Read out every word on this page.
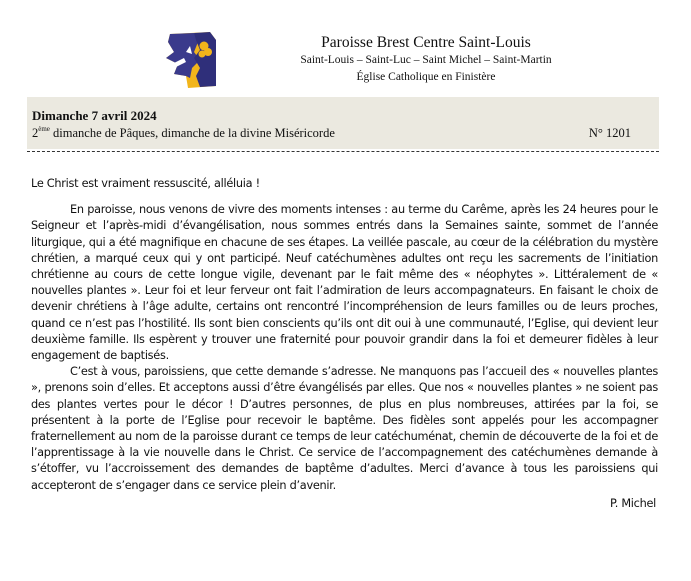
Paroisse Brest Centre Saint-Louis
Saint-Louis – Saint-Luc – Saint Michel – Saint-Martin
Église Catholique en Finistère
Dimanche 7 avril 2024
2ème dimanche de Pâques, dimanche de la divine Miséricorde	N° 1201

Le Christ est vraiment ressuscité, alléluia !

En paroisse, nous venons de vivre des moments intenses : au terme du Carême, après les 24 heures pour le Seigneur et l’après-midi d’évangélisation, nous sommes entrés dans la Semaines sainte, sommet de l’année liturgique, qui a été magnifique en chacune de ses étapes. La veillée pascale, au cœur de la célébration du mystère chrétien, a marqué ceux qui y ont participé. Neuf catéchumènes adultes ont reçu les sacrements de l’initiation chrétienne au cours de cette longue vigile, devenant par le fait même des « néophytes ». Littéralement de « nouvelles plantes ». Leur foi et leur ferveur ont fait l’admiration de leurs accompagnateurs. En faisant le choix de devenir chrétiens à l’âge adulte, certains ont rencontré l’incompréhension de leurs familles ou de leurs proches, quand ce n’est pas l’hostilité. Ils sont bien conscients qu’ils ont dit oui à une communauté, l’Eglise, qui devient leur deuxième famille. Ils espèrent y trouver une fraternité pour pouvoir grandir dans la foi et demeurer fidèles à leur engagement de baptisés.

C’est à vous, paroissiens, que cette demande s’adresse. Ne manquons pas l’accueil des « nouvelles plantes », prenons soin d’elles. Et acceptons aussi d’être évangélisés par elles. Que nos « nouvelles plantes » ne soient pas des plantes vertes pour le décor ! D’autres personnes, de plus en plus nombreuses, attirées par la foi, se présentent à la porte de l’Eglise pour recevoir le baptême. Des fidèles sont appelés pour les accompagner fraternellement au nom de la paroisse durant ce temps de leur catéchuménat, chemin de découverte de la foi et de l’apprentissage à la vie nouvelle dans le Christ. Ce service de l’accompagnement des catéchumènes demande à s’étoffer, vu l’accroissement des demandes de baptême d’adultes. Merci d’avance à tous les paroissiens qui accepteront de s’engager dans ce service plein d’avenir.

P. Michel
